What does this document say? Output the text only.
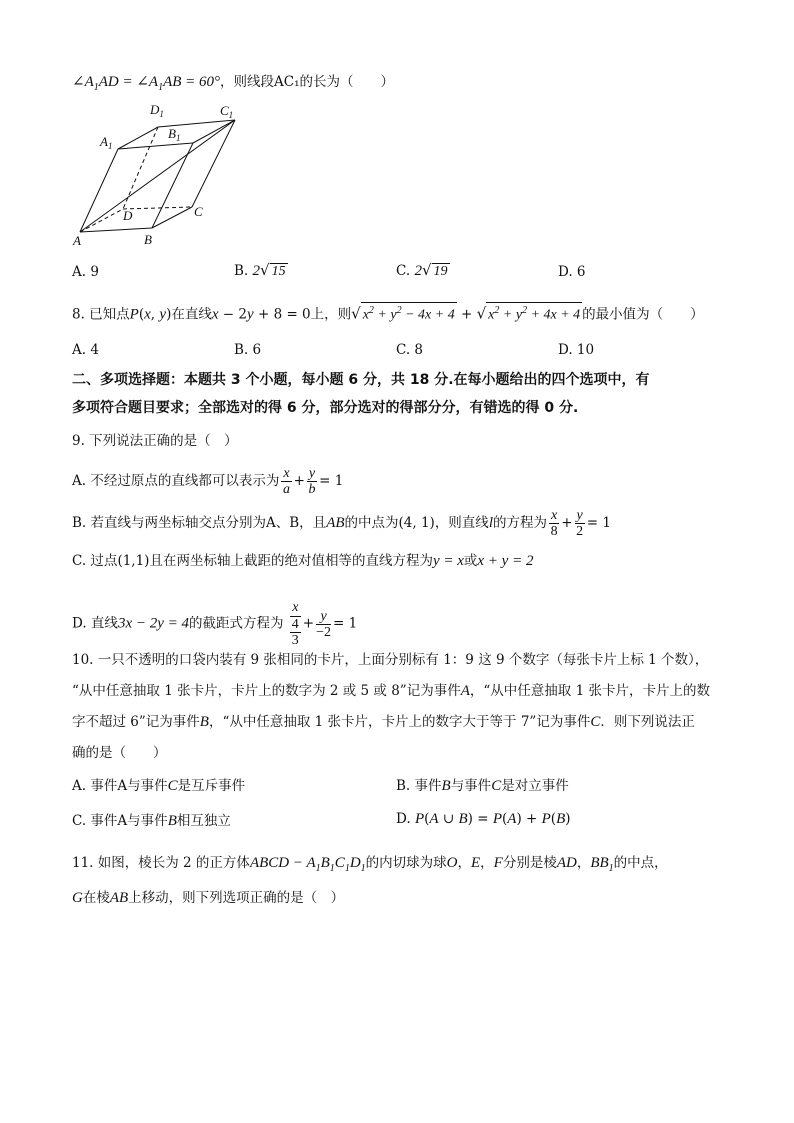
$\angle A_1AD$ = $\angle A_1AB = 60^\circ$，则线段AC₁的长为（　　）
$D_1$	$C_1$
$A_1$
$B_1$
D	C
A	B
A. 9	B. 2√ 15	C. 2√ 19	D. 6
8. 已知点P(x, y)在直线x − 2y + 8 = 0上，则√ $x^2 + y^2 - 4x + 4$ + √ $x^2 + y^2 + 4x + 4$ 的最小值为（　　）
A. 4	B. 6	C. 8	D. 10
二、多项选择题：本题共 3 个小题，每小题 6 分，共 18 分.在每小题给出的四个选项中，有
多项符合题目要求；全部选对的得 6 分，部分选对的得部分分，有错选的得 0 分.
9. 下列说法正确的是（　）
A. 不经过原点的直线都可以表示为 $\frac{x}{a} + \frac{y}{b} = 1$
B. 若直线与两坐标轴交点分别为A、B，且AB的中点为(4, 1)，则直线l的方程为 $\frac{x}{8} + \frac{y}{2} = 1$
C. 过点(1,1)且在两坐标轴上截距的绝对值相等的直线方程为y = x或x + y = 2
D. 直线3x − 2y = 4的截距式方程为 $\frac{x}{\frac{4}{3}} + \frac{y}{-2} = 1$
10. 一只不透明的口袋内装有 9 张相同的卡片，上面分别标有 1：9 这 9 个数字（每张卡片上标 1 个数），
“从中任意抽取 1 张卡片，卡片上的数字为 2 或 5 或 8”记为事件A，“从中任意抽取 1 张卡片，卡片上的数
字不超过 6”记为事件B，“从中任意抽取 1 张卡片，卡片上的数字大于等于 7”记为事件C．则下列说法正
确的是（　　）
A. 事件A与事件C是互斥事件	B. 事件B与事件C是对立事件
C. 事件A与事件B相互独立	D. P(A ∪ B) = P(A) + P(B)
11. 如图，棱长为 2 的正方体ABCD − $A_1B_1C_1D_1$的内切球为球O，E，F分别是棱AD，$BB_1$的中点，
G在棱AB上移动，则下列选项正确的是（　）
